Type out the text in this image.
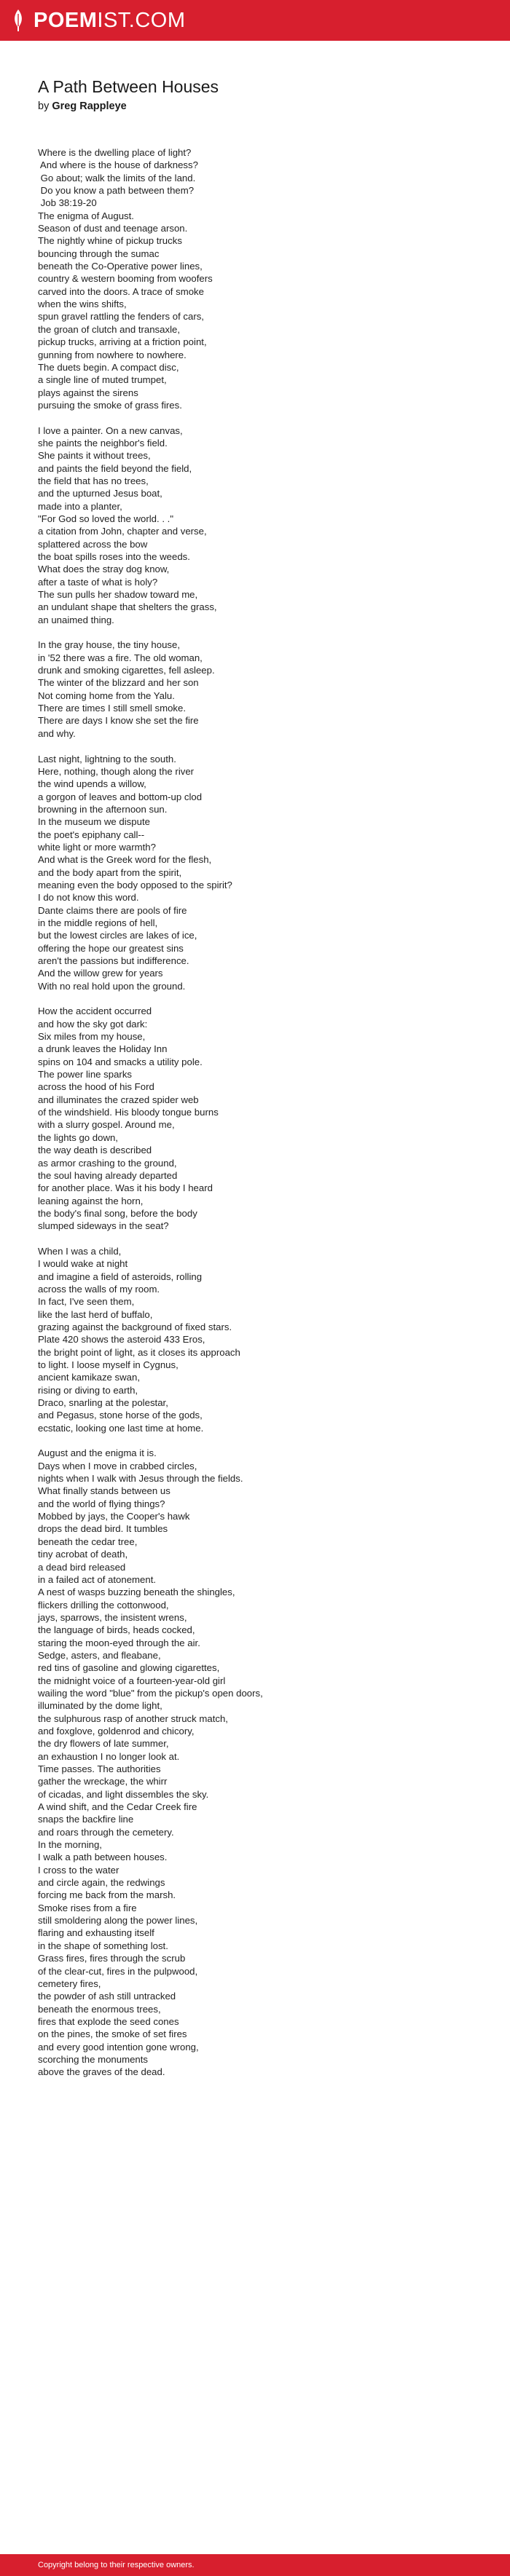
POEMIST.COM
A Path Between Houses
by Greg Rappleye
Where is the dwelling place of light?
And where is the house of darkness?
Go about; walk the limits of the land.
Do you know a path between them?
Job 38:19-20
The enigma of August.
Season of dust and teenage arson.
The nightly whine of pickup trucks
bouncing through the sumac
beneath the Co-Operative power lines,
country & western booming from woofers
carved into the doors. A trace of smoke
when the wins shifts,
spun gravel rattling the fenders of cars,
the groan of clutch and transaxle,
pickup trucks, arriving at a friction point,
gunning from nowhere to nowhere.
The duets begin. A compact disc,
a single line of muted trumpet,
plays against the sirens
pursuing the smoke of grass fires.
I love a painter. On a new canvas,
she paints the neighbor's field.
She paints it without trees,
and paints the field beyond the field,
the field that has no trees,
and the upturned Jesus boat,
made into a planter,
"For God so loved the world. . ."
a citation from John, chapter and verse,
splattered across the bow
the boat spills roses into the weeds.
What does the stray dog know,
after a taste of what is holy?
The sun pulls her shadow toward me,
an undulant shape that shelters the grass,
an unaimed thing.
In the gray house, the tiny house,
in '52 there was a fire. The old woman,
drunk and smoking cigarettes, fell asleep.
The winter of the blizzard and her son
Not coming home from the Yalu.
There are times I still smell smoke.
There are days I know she set the fire
and why.
Last night, lightning to the south.
Here, nothing, though along the river
the wind upends a willow,
a gorgon of leaves and bottom-up clod
browning in the afternoon sun.
In the museum we dispute
the poet's epiphany call--
white light or more warmth?
And what is the Greek word for the flesh,
and the body apart from the spirit,
meaning even the body opposed to the spirit?
I do not know this word.
Dante claims there are pools of fire
in the middle regions of hell,
but the lowest circles are lakes of ice,
offering the hope our greatest sins
aren't the passions but indifference.
And the willow grew for years
With no real hold upon the ground.
How the accident occurred
and how the sky got dark:
Six miles from my house,
a drunk leaves the Holiday Inn
spins on 104 and smacks a utility pole.
The power line sparks
across the hood of his Ford
and illuminates the crazed spider web
of the windshield. His bloody tongue burns
with a slurry gospel. Around me,
the lights go down,
the way death is described
as armor crashing to the ground,
the soul having already departed
for another place. Was it his body I heard
leaning against the horn,
the body's final song, before the body
slumped sideways in the seat?
When I was a child,
I would wake at night
and imagine a field of asteroids, rolling
across the walls of my room.
In fact, I've seen them,
like the last herd of buffalo,
grazing against the background of fixed stars.
Plate 420 shows the asteroid 433 Eros,
the bright point of light, as it closes its approach
to light. I loose myself in Cygnus,
ancient kamikaze swan,
rising or diving to earth,
Draco, snarling at the polestar,
and Pegasus, stone horse of the gods,
ecstatic, looking one last time at home.
August and the enigma it is.
Days when I move in crabbed circles,
nights when I walk with Jesus through the fields.
What finally stands between us
and the world of flying things?
Mobbed by jays, the Cooper's hawk
drops the dead bird. It tumbles
beneath the cedar tree,
tiny acrobat of death,
a dead bird released
in a failed act of atonement.
A nest of wasps buzzing beneath the shingles,
flickers drilling the cottonwood,
jays, sparrows, the insistent wrens,
the language of birds, heads cocked,
staring the moon-eyed through the air.
Sedge, asters, and fleabane,
red tins of gasoline and glowing cigarettes,
the midnight voice of a fourteen-year-old girl
wailing the word "blue" from the pickup's open doors,
illuminated by the dome light,
the sulphurous rasp of another struck match,
and foxglove, goldenrod and chicory,
the dry flowers of late summer,
an exhaustion I no longer look at.
Time passes. The authorities
gather the wreckage, the whirr
of cicadas, and light dissembles the sky.
A wind shift, and the Cedar Creek fire
snaps the backfire line
and roars through the cemetery.
In the morning,
I walk a path between houses.
I cross to the water
and circle again, the redwings
forcing me back from the marsh.
Smoke rises from a fire
still smoldering along the power lines,
flaring and exhausting itself
in the shape of something lost.
Grass fires, fires through the scrub
of the clear-cut, fires in the pulpwood,
cemetery fires,
the powder of ash still untracked
beneath the enormous trees,
fires that explode the seed cones
on the pines, the smoke of set fires
and every good intention gone wrong,
scorching the monuments
above the graves of the dead.
Copyright belong to their respective owners.
